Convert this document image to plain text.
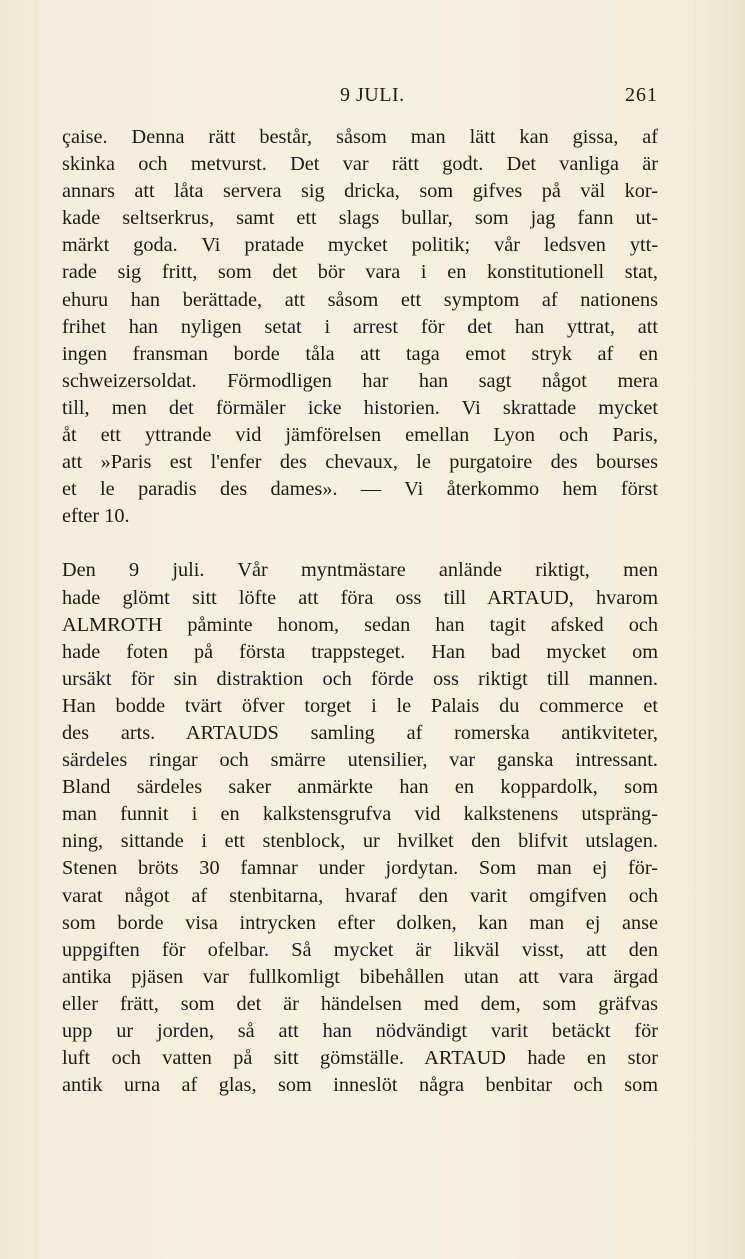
9 JULI.	261
çaise. Denna rätt består, såsom man lätt kan gissa, af
skinka och metvurst. Det var rätt godt. Det vanliga är
annars att låta servera sig dricka, som gifves på väl kor-
kade seltserkrus, samt ett slags bullar, som jag fann ut-
märkt goda. Vi pratade mycket politik; vår ledsven ytt-
rade sig fritt, som det bör vara i en konstitutionell stat,
ehuru han berättade, att såsom ett symptom af nationens
frihet han nyligen setat i arrest för det han yttrat, att
ingen fransman borde tåla att taga emot stryk af en
schweizersoldat. Förmodligen har han sagt något mera
till, men det förmäler icke historien. Vi skrattade mycket
åt ett yttrande vid jämförelsen emellan Lyon och Paris,
att »Paris est l'enfer des chevaux, le purgatoire des bourses
et le paradis des dames». — Vi återkommo hem först
efter 10.
Den 9 juli. Vår myntmästare anlände riktigt, men
hade glömt sitt löfte att föra oss till ARTAUD, hvarom
ALMROTH påminte honom, sedan han tagit afsked och
hade foten på första trappsteget. Han bad mycket om
ursäkt för sin distraktion och förde oss riktigt till mannen.
Han bodde tvärt öfver torget i le Palais du commerce et
des arts. ARTAUDS samling af romerska antikviteter,
särdeles ringar och smärre utensilier, var ganska intressant.
Bland särdeles saker anmärkte han en koppardolk, som
man funnit i en kalkstensgrufva vid kalkstenens utspräng-
ning, sittande i ett stenblock, ur hvilket den blifvit utslagen.
Stenen bröts 30 famnar under jordytan. Som man ej för-
varat något af stenbitarna, hvaraf den varit omgifven och
som borde visa intrycken efter dolken, kan man ej anse
uppgiften för ofelbar. Så mycket är likväl visst, att den
antika pjäsen var fullkomligt bibehållen utan att vara ärgad
eller frätt, som det är händelsen med dem, som gräfvas
upp ur jorden, så att han nödvändigt varit betäckt för
luft och vatten på sitt gömställe. ARTAUD hade en stor
antik urna af glas, som inneslöt några benbitar och som
